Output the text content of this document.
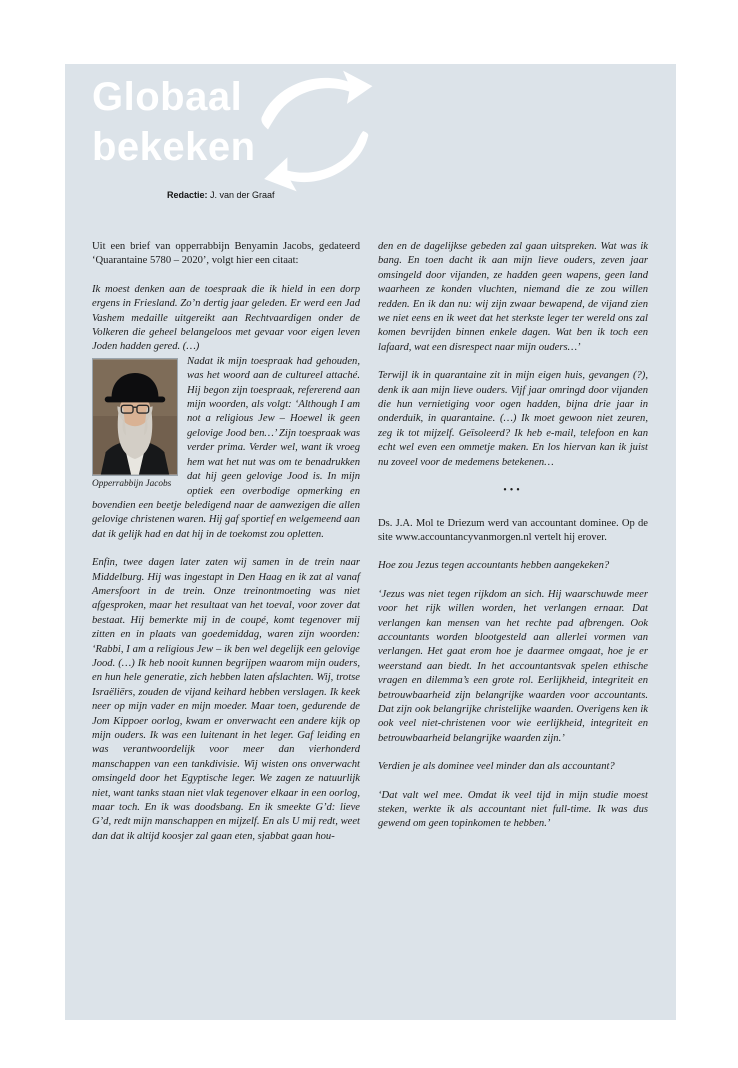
Globaal
bekeken
Redactie: J. van der Graaf

Uit een brief van opperrabbijn Benyamin Jacobs, gedateerd ‘Quarantaine 5780 – 2020’, volgt hier een citaat:

Ik moest denken aan de toespraak die ik hield in een dorp ergens in Friesland. Zo’n dertig jaar geleden. Er werd een Jad Vashem medaille uitgereikt aan Rechtvaardigen onder de Volkeren die geheel belangeloos met gevaar voor eigen leven Joden hadden gered. (…)

Opperrabbijn Jacobs

Nadat ik mijn toespraak had gehouden, was het woord aan de cultureel attaché. Hij begon zijn toespraak, refererend aan mijn woorden, als volgt: ‘Although I am not a religious Jew – Hoewel ik geen gelovige Jood ben…’ Zijn toespraak was verder prima. Verder wel, want ik vroeg hem wat het nut was om te benadrukken dat hij geen gelovige Jood is. In mijn optiek een overbodige opmerking en bovendien een beetje beledigend naar de aanwezigen die allen gelovige christenen waren. Hij gaf sportief en welgemeend aan dat ik gelijk had en dat hij in de toekomst zou opletten.

Enfin, twee dagen later zaten wij samen in de trein naar Middelburg. Hij was ingestapt in Den Haag en ik zat al vanaf Amersfoort in de trein. Onze treinontmoeting was niet afgesproken, maar het resultaat van het toeval, voor zover dat bestaat. Hij bemerkte mij in de coupé, komt tegenover mij zitten en in plaats van goedemiddag, waren zijn woorden: ‘Rabbi, I am a religious Jew – ik ben wel degelijk een gelovige Jood. (…) Ik heb nooit kunnen begrijpen waarom mijn ouders, en hun hele generatie, zich hebben laten afslachten. Wij, trotse Israëliërs, zouden de vijand keihard hebben verslagen. Ik keek neer op mijn vader en mijn moeder. Maar toen, gedurende de Jom Kippoer oorlog, kwam er onverwacht een andere kijk op mijn ouders. Ik was een luitenant in het leger. Gaf leiding en was verantwoordelijk voor meer dan vierhonderd manschappen van een tankdivisie. Wij wisten ons onverwacht omsingeld door het Egyptische leger. We zagen ze natuurlijk niet, want tanks staan niet vlak tegenover elkaar in een oorlog, maar toch. En ik was doodsbang. En ik smeekte G’d: lieve G’d, redt mijn manschappen en mijzelf. En als U mij redt, weet dan dat ik altijd koosjer zal gaan eten, sjabbat gaan hou-

den en de dagelijkse gebeden zal gaan uitspreken. Wat was ik bang. En toen dacht ik aan mijn lieve ouders, zeven jaar omsingeld door vijanden, ze hadden geen wapens, geen land waarheen ze konden vluchten, niemand die ze zou willen redden. En ik dan nu: wij zijn zwaar bewapend, de vijand zien we niet eens en ik weet dat het sterkste leger ter wereld ons zal komen bevrijden binnen enkele dagen. Wat ben ik toch een lafaard, wat een disrespect naar mijn ouders…’

Terwijl ik in quarantaine zit in mijn eigen huis, gevangen (?), denk ik aan mijn lieve ouders. Vijf jaar omringd door vijanden die hun vernietiging voor ogen hadden, bijna drie jaar in onderduik, in quarantaine. (…) Ik moet gewoon niet zeuren, zeg ik tot mijzelf. Geïsoleerd? Ik heb e-mail, telefoon en kan echt wel even een ommetje maken. En los hiervan kan ik juist nu zoveel voor de medemens betekenen…

•••

Ds. J.A. Mol te Driezum werd van accountant dominee. Op de site www.accountancyvanmorgen.nl vertelt hij erover.

Hoe zou Jezus tegen accountants hebben aangekeken?

‘Jezus was niet tegen rijkdom an sich. Hij waarschuwde meer voor het rijk willen worden, het verlangen ernaar. Dat verlangen kan mensen van het rechte pad afbrengen. Ook accountants worden blootgesteld aan allerlei vormen van verlangen. Het gaat erom hoe je daarmee omgaat, hoe je er weerstand aan biedt. In het accountantsvak spelen ethische vragen en dilemma’s een grote rol. Eerlijkheid, integriteit en betrouwbaarheid zijn belangrijke waarden voor accountants. Dat zijn ook belangrijke christelijke waarden. Overigens ken ik ook veel niet-christenen voor wie eerlijkheid, integriteit en betrouwbaarheid belangrijke waarden zijn.’

Verdien je als dominee veel minder dan als accountant?

‘Dat valt wel mee. Omdat ik veel tijd in mijn studie moest steken, werkte ik als accountant niet full-time. Ik was dus gewend om geen topinkomen te hebben.’
